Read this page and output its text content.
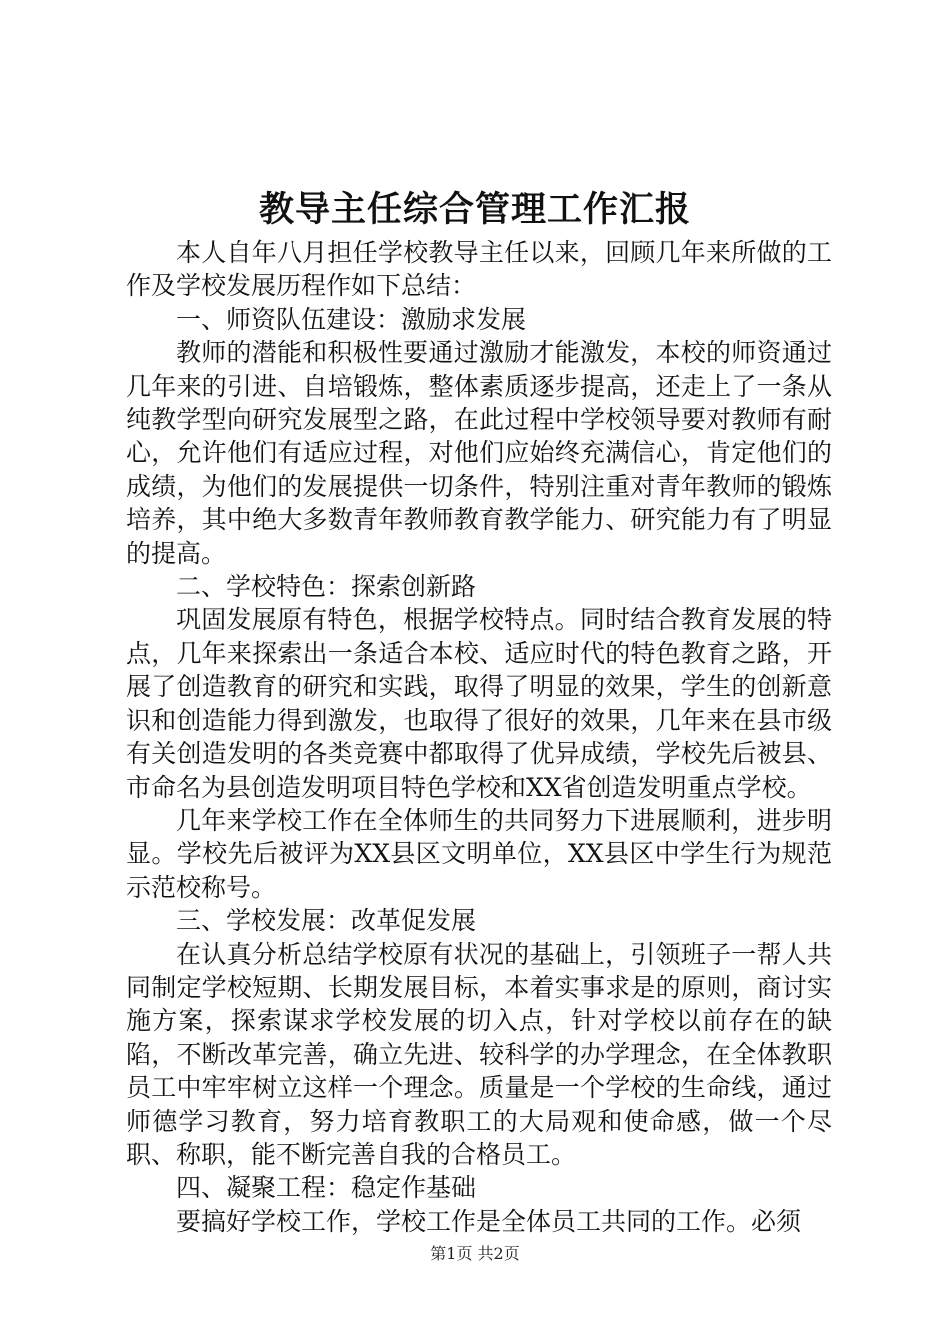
教导主任综合管理工作汇报

本人自年八月担任学校教导主任以来，回顾几年来所做的工作及学校发展历程作如下总结：

一、师资队伍建设：激励求发展

教师的潜能和积极性要通过激励才能激发，本校的师资通过几年来的引进、自培锻炼，整体素质逐步提高，还走上了一条从纯教学型向研究发展型之路，在此过程中学校领导要对教师有耐心，允许他们有适应过程，对他们应始终充满信心，肯定他们的成绩，为他们的发展提供一切条件，特别注重对青年教师的锻炼培养，其中绝大多数青年教师教育教学能力、研究能力有了明显的提高。

二、学校特色：探索创新路

巩固发展原有特色，根据学校特点。同时结合教育发展的特点，几年来探索出一条适合本校、适应时代的特色教育之路，开展了创造教育的研究和实践，取得了明显的效果，学生的创新意识和创造能力得到激发，也取得了很好的效果，几年来在县市级有关创造发明的各类竞赛中都取得了优异成绩，学校先后被县、市命名为县创造发明项目特色学校和XX省创造发明重点学校。

几年来学校工作在全体师生的共同努力下进展顺利，进步明显。学校先后被评为XX县区文明单位，XX县区中学生行为规范示范校称号。

三、学校发展：改革促发展

在认真分析总结学校原有状况的基础上，引领班子一帮人共同制定学校短期、长期发展目标，本着实事求是的原则，商讨实施方案，探索谋求学校发展的切入点，针对学校以前存在的缺陷，不断改革完善，确立先进、较科学的办学理念，在全体教职员工中牢牢树立这样一个理念。质量是一个学校的生命线，通过师德学习教育，努力培育教职工的大局观和使命感，做一个尽职、称职，能不断完善自我的合格员工。

四、凝聚工程：稳定作基础

要搞好学校工作，学校工作是全体员工共同的工作。必须

第1页 共2页
